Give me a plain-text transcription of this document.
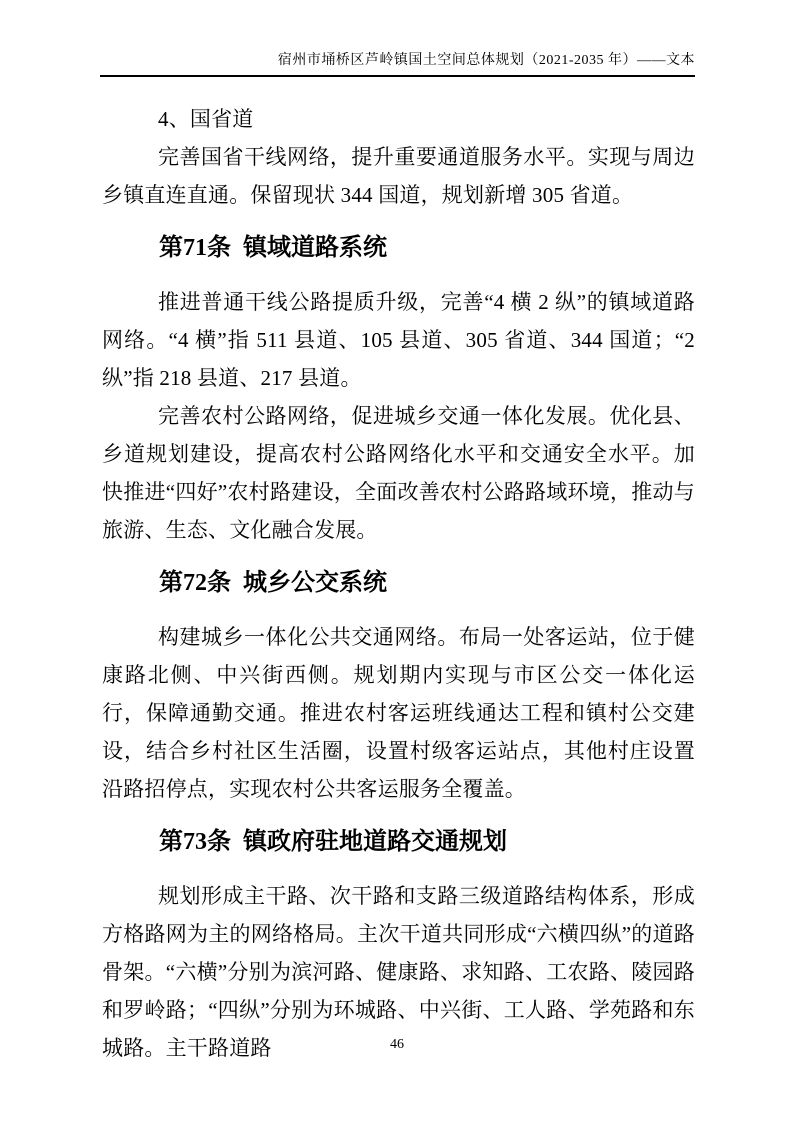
宿州市埇桥区芦岭镇国土空间总体规划（2021-2035 年）——文本

4、国省道

完善国省干线网络，提升重要通道服务水平。实现与周边乡镇直连直通。保留现状 344 国道，规划新增 305 省道。

第71条 镇域道路系统

推进普通干线公路提质升级，完善“4 横 2 纵”的镇域道路网络。“4 横”指 511 县道、105 县道、305 省道、344 国道；“2 纵”指 218 县道、217 县道。

完善农村公路网络，促进城乡交通一体化发展。优化县、乡道规划建设，提高农村公路网络化水平和交通安全水平。加快推进“四好”农村路建设，全面改善农村公路路域环境，推动与旅游、生态、文化融合发展。

第72条 城乡公交系统

构建城乡一体化公共交通网络。布局一处客运站，位于健康路北侧、中兴街西侧。规划期内实现与市区公交一体化运行，保障通勤交通。推进农村客运班线通达工程和镇村公交建设，结合乡村社区生活圈，设置村级客运站点，其他村庄设置沿路招停点，实现农村公共客运服务全覆盖。

第73条 镇政府驻地道路交通规划

规划形成主干路、次干路和支路三级道路结构体系，形成方格路网为主的网络格局。主次干道共同形成“六横四纵”的道路骨架。“六横”分别为滨河路、健康路、求知路、工农路、陵园路和罗岭路；“四纵”分别为环城路、中兴街、工人路、学苑路和东城路。主干路道路	46
